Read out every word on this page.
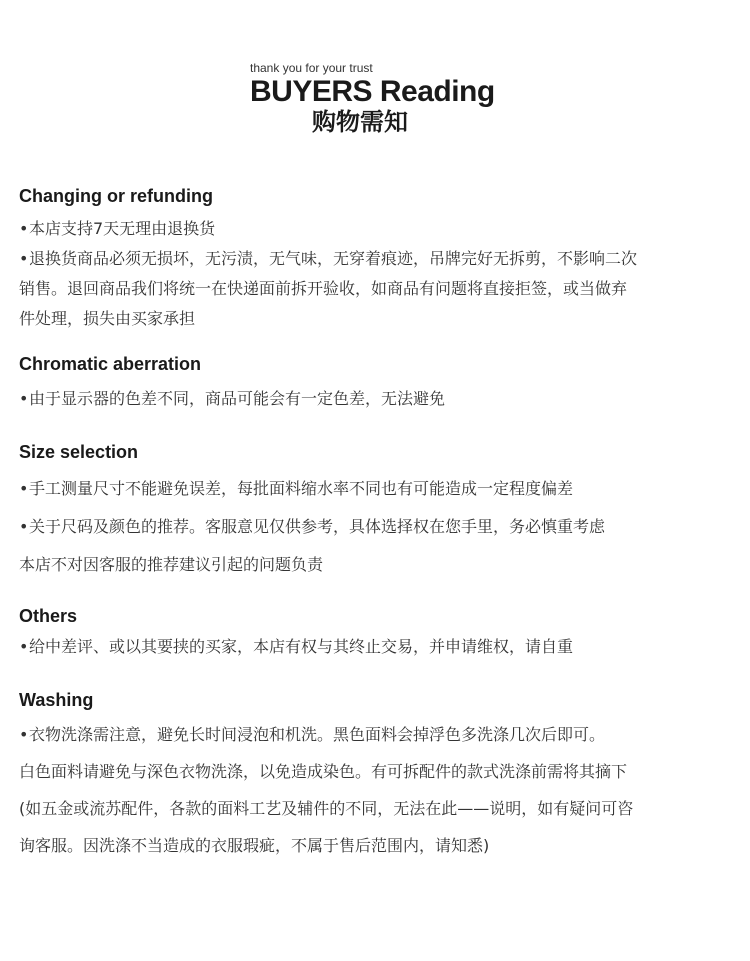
thank you for your trust

BUYERS Reading

购物需知

Changing or refunding

•本店支持7天无理由退换货

•退换货商品必须无损坏，无污渍，无气味，无穿着痕迹，吊牌完好无拆剪，不影响二次

销售。退回商品我们将统一在快递面前拆开验收，如商品有问题将直接拒签，或当做弃

件处理，损失由买家承担

Chromatic aberration

•由于显示器的色差不同，商品可能会有一定色差，无法避免

Size selection

•手工测量尺寸不能避免误差，每批面料缩水率不同也有可能造成一定程度偏差

•关于尺码及颜色的推荐。客服意见仅供参考，具体选择权在您手里，务必慎重考虑

本店不对因客服的推荐建议引起的问题负责

Others

•给中差评、或以其要挟的买家，本店有权与其终止交易，并申请维权，请自重

Washing

•衣物洗涤需注意，避免长时间浸泡和机洗。黑色面料会掉浮色多洗涤几次后即可。

白色面料请避免与深色衣物洗涤，以免造成染色。有可拆配件的款式洗涤前需将其摘下

(如五金或流苏配件，各款的面料工艺及辅件的不同，无法在此——说明，如有疑问可咨

询客服。因洗涤不当造成的衣服瑕疵，不属于售后范围内，请知悉)
